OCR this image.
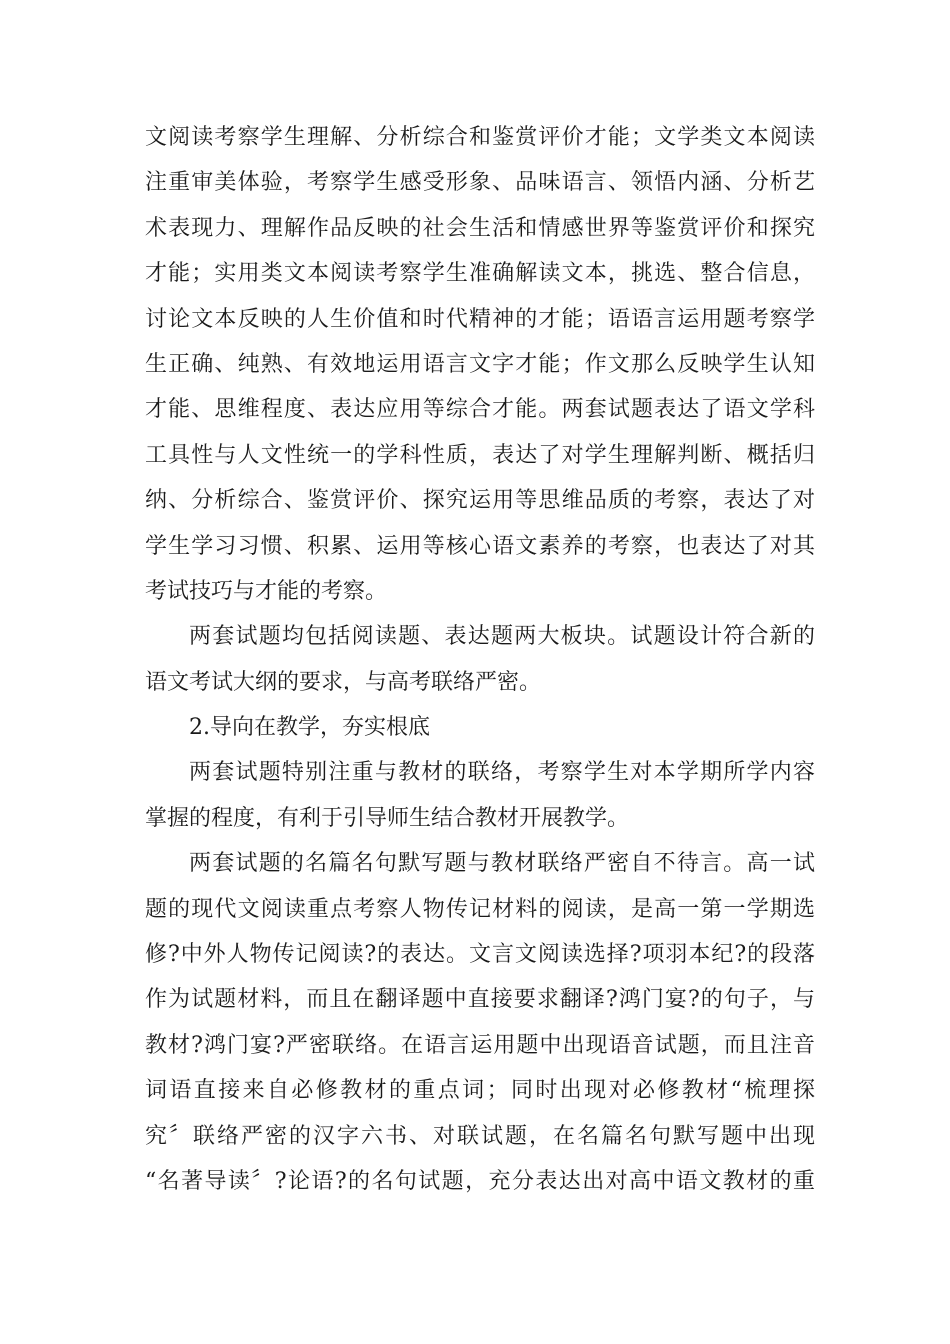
文阅读考察学生理解、分析综合和鉴赏评价才能；文学类文本阅读
注重审美体验，考察学生感受形象、品味语言、领悟内涵、分析艺
术表现力、理解作品反映的社会生活和情感世界等鉴赏评价和探究
才能；实用类文本阅读考察学生准确解读文本，挑选、整合信息，
讨论文本反映的人生价值和时代精神的才能；语语言运用题考察学
生正确、纯熟、有效地运用语言文字才能；作文那么反映学生认知
才能、思维程度、表达应用等综合才能。两套试题表达了语文学科
工具性与人文性统一的学科性质，表达了对学生理解判断、概括归
纳、分析综合、鉴赏评价、探究运用等思维品质的考察，表达了对
学生学习习惯、积累、运用等核心语文素养的考察，也表达了对其
考试技巧与才能的考察。
两套试题均包括阅读题、表达题两大板块。试题设计符合新的
语文考试大纲的要求，与高考联络严密。
2.导向在教学，夯实根底
两套试题特别注重与教材的联络，考察学生对本学期所学内容
掌握的程度，有利于引导师生结合教材开展教学。
两套试题的名篇名句默写题与教材联络严密自不待言。高一试
题的现代文阅读重点考察人物传记材料的阅读，是高一第一学期选
修?中外人物传记阅读?的表达。文言文阅读选择?项羽本纪?的段落
作为试题材料，而且在翻译题中直接要求翻译?鸿门宴?的句子，与
教材?鸿门宴?严密联络。在语言运用题中出现语音试题，而且注音
词语直接来自必修教材的重点词；同时出现对必修教材“梳理探
究〞联络严密的汉字六书、对联试题，在名篇名句默写题中出现
“名著导读〞?论语?的名句试题，充分表达出对高中语文教材的重
